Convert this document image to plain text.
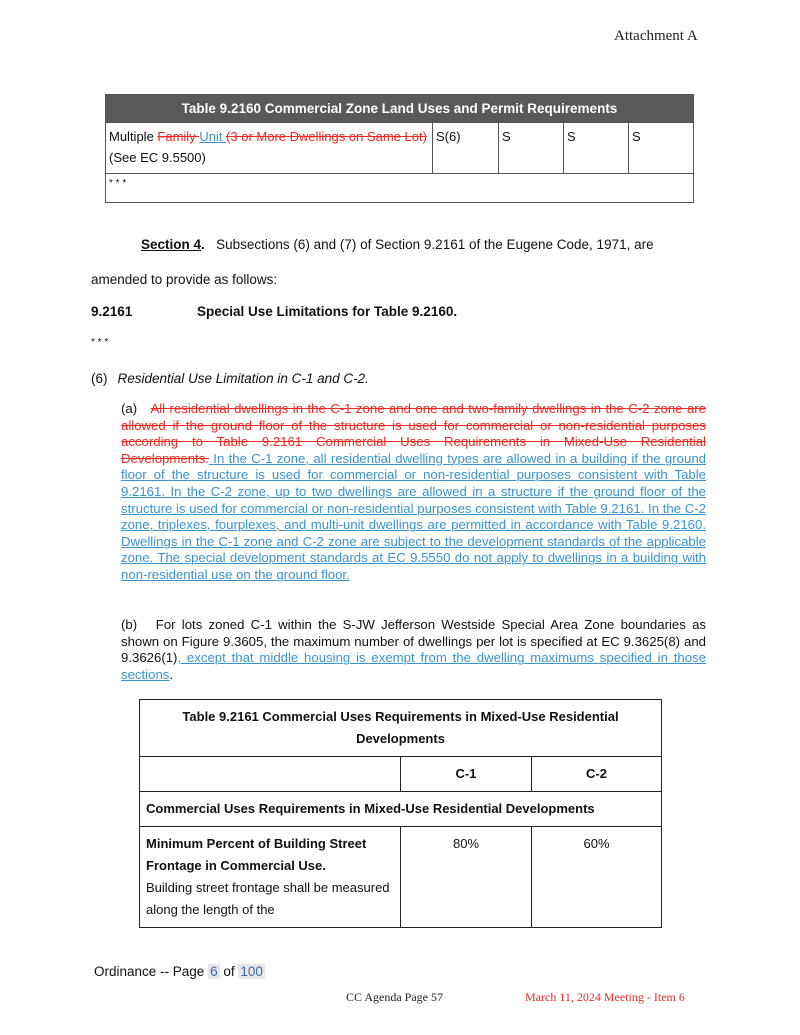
Attachment A
Table 9.2160 Commercial Zone Land Uses and Permit Requirements
Multiple Family Unit (3 or More Dwellings on Same Lot) (See EC 9.5500)	S(6)	S	S	S
* * *
Section 4. Subsections (6) and (7) of Section 9.2161 of the Eugene Code, 1971, are
amended to provide as follows:
9.2161	Special Use Limitations for Table 9.2160.
* * *
(6) Residential Use Limitation in C-1 and C-2.
(a)   All residential dwellings in the C-1 zone and one and two-family dwellings in the C-2 zone are allowed if the ground floor of the structure is used for commercial or non-residential purposes according to Table 9.2161 Commercial Uses Requirements in Mixed-Use Residential Developments. In the C-1 zone, all residential dwelling types are allowed in a building if the ground floor of the structure is used for commercial or non-residential purposes consistent with Table 9.2161. In the C-2 zone, up to two dwellings are allowed in a structure if the ground floor of the structure is used for commercial or non-residential purposes consistent with Table 9.2161. In the C-2 zone, triplexes, fourplexes, and multi-unit dwellings are permitted in accordance with Table 9.2160. Dwellings in the C-1 zone and C-2 zone are subject to the development standards of the applicable zone. The special development standards at EC 9.5550 do not apply to dwellings in a building with non-residential use on the ground floor.
(b)   For lots zoned C-1 within the S-JW Jefferson Westside Special Area Zone boundaries as shown on Figure 9.3605, the maximum number of dwellings per lot is specified at EC 9.3625(8) and 9.3626(1), except that middle housing is exempt from the dwelling maximums specified in those sections.
Table 9.2161 Commercial Uses Requirements in Mixed-Use Residential Developments		
	C-1	C-2
Commercial Uses Requirements in Mixed-Use Residential Developments		
Minimum Percent of Building Street Frontage in Commercial Use.
Building street frontage shall be measured along the length of the	80%	60%
Ordinance -- Page 6 of 100
CC Agenda Page 57	March 11, 2024 Meeting - Item 6
